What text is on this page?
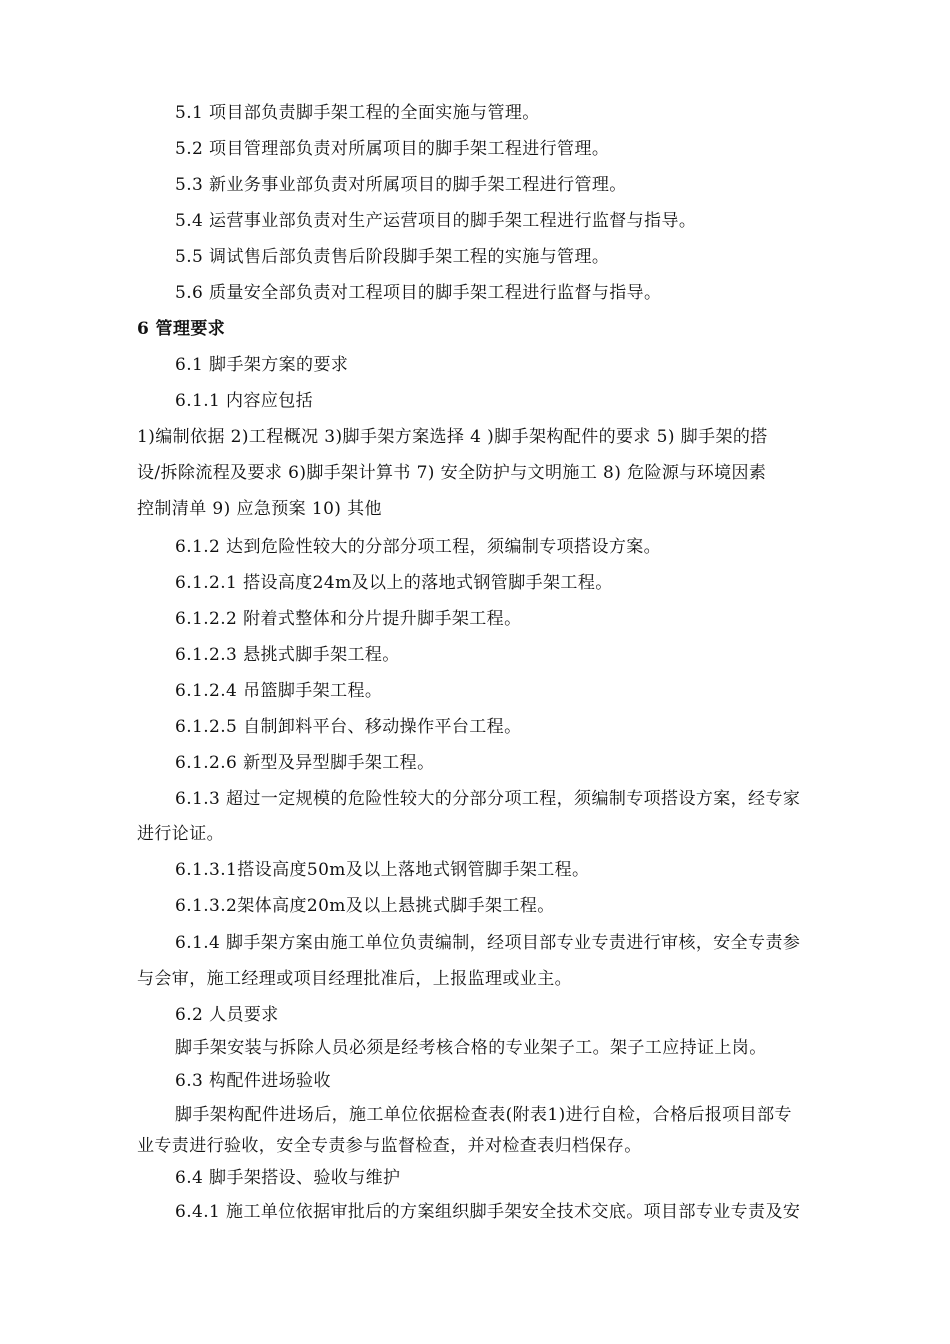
5.1 项目部负责脚手架工程的全面实施与管理。
5.2 项目管理部负责对所属项目的脚手架工程进行管理。
5.3 新业务事业部负责对所属项目的脚手架工程进行管理。
5.4 运营事业部负责对生产运营项目的脚手架工程进行监督与指导。
5.5 调试售后部负责售后阶段脚手架工程的实施与管理。
5.6 质量安全部负责对工程项目的脚手架工程进行监督与指导。
6 管理要求
6.1 脚手架方案的要求
6.1.1 内容应包括
1)编制依据 2)工程概况 3)脚手架方案选择 4 )脚手架构配件的要求 5) 脚手架的搭
设/拆除流程及要求 6)脚手架计算书 7) 安全防护与文明施工 8) 危险源与环境因素
控制清单 9) 应急预案 10) 其他
6.1.2 达到危险性较大的分部分项工程，须编制专项搭设方案。
6.1.2.1 搭设高度24m及以上的落地式钢管脚手架工程。
6.1.2.2 附着式整体和分片提升脚手架工程。
6.1.2.3 悬挑式脚手架工程。
6.1.2.4 吊篮脚手架工程。
6.1.2.5 自制卸料平台、移动操作平台工程。
6.1.2.6 新型及异型脚手架工程。
6.1.3 超过一定规模的危险性较大的分部分项工程，须编制专项搭设方案，经专家
进行论证。
6.1.3.1搭设高度50m及以上落地式钢管脚手架工程。
6.1.3.2架体高度20m及以上悬挑式脚手架工程。
6.1.4 脚手架方案由施工单位负责编制，经项目部专业专责进行审核，安全专责参
与会审，施工经理或项目经理批准后，上报监理或业主。
6.2 人员要求
脚手架安装与拆除人员必须是经考核合格的专业架子工。架子工应持证上岗。
6.3 构配件进场验收
脚手架构配件进场后，施工单位依据检查表(附表1)进行自检，合格后报项目部专
业专责进行验收，安全专责参与监督检查，并对检查表归档保存。
6.4 脚手架搭设、验收与维护
6.4.1 施工单位依据审批后的方案组织脚手架安全技术交底。项目部专业专责及安
